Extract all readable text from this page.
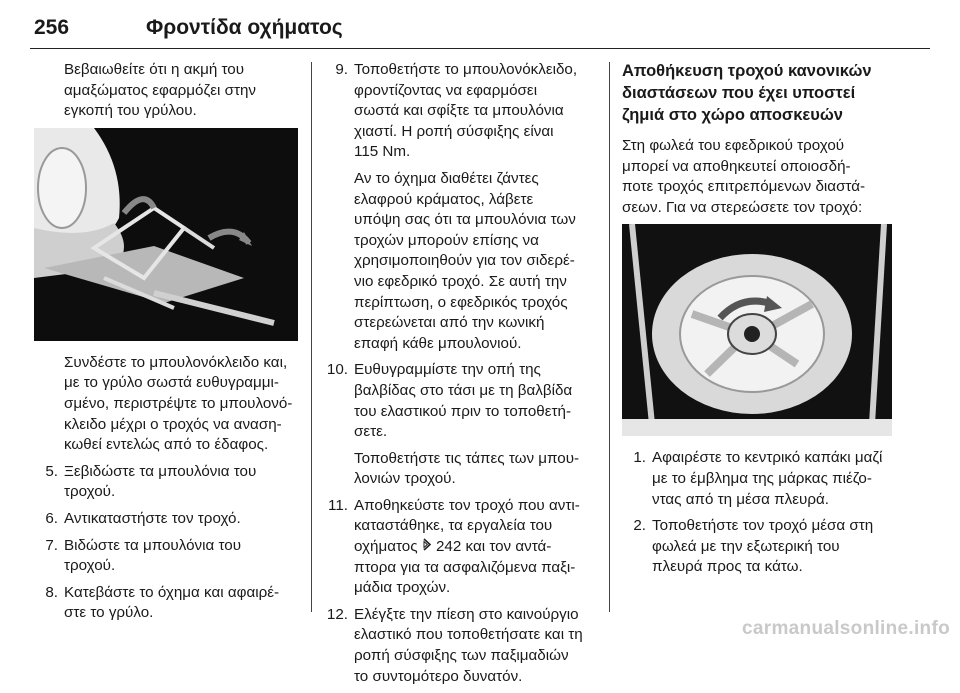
256	Φροντίδα οχήματος
Βεβαιωθείτε ότι η ακμή του
αμαξώματος εφαρμόζει στην
εγκοπή του γρύλου.
Συνδέστε το μπουλονόκλειδο και,
με το γρύλο σωστά ευθυγραμμι-
σμένο, περιστρέψτε το μπουλονό-
κλειδο μέχρι ο τροχός να αναση-
κωθεί εντελώς από το έδαφος.
5. Ξεβιδώστε τα μπουλόνια του
τροχού.
6. Αντικαταστήστε τον τροχό.
7. Βιδώστε τα μπουλόνια του
τροχού.
8. Κατεβάστε το όχημα και αφαιρέ-
στε το γρύλο.
9. Τοποθετήστε το μπουλονόκλειδο,
φροντίζοντας να εφαρμόσει
σωστά και σφίξτε τα μπουλόνια
χιαστί. Η ροπή σύσφιξης είναι
115 Nm.
Αν το όχημα διαθέτει ζάντες
ελαφρού κράματος, λάβετε
υπόψη σας ότι τα μπουλόνια των
τροχών μπορούν επίσης να
χρησιμοποιηθούν για τον σιδερέ-
νιο εφεδρικό τροχό. Σε αυτή την
περίπτωση, ο εφεδρικός τροχός
στερεώνεται από την κωνική
επαφή κάθε μπουλονιού.
10. Ευθυγραμμίστε την οπή της
βαλβίδας στο τάσι με τη βαλβίδα
του ελαστικού πριν το τοποθετή-
σετε.
Τοποθετήστε τις τάπες των μπου-
λονιών τροχού.
11. Αποθηκεύστε τον τροχό που αντι-
καταστάθηκε, τα εργαλεία του
οχήματος  242 και τον αντά-
πτορα για τα ασφαλιζόμενα παξι-
μάδια τροχών.
12. Ελέγξτε την πίεση στο καινούργιο
ελαστικό που τοποθετήσατε και τη
ροπή σύσφιξης των παξιμαδιών
το συντομότερο δυνατόν.
Αποθήκευση τροχού κανονικών
διαστάσεων που έχει υποστεί
ζημιά στο χώρο αποσκευών
Στη φωλεά του εφεδρικού τροχού
μπορεί να αποθηκευτεί οποιοσδή-
ποτε τροχός επιτρεπόμενων διαστά-
σεων. Για να στερεώσετε τον τροχό:
1. Αφαιρέστε το κεντρικό καπάκι μαζί
με το έμβλημα της μάρκας πιέζο-
ντας από τη μέσα πλευρά.
2. Τοποθετήστε τον τροχό μέσα στη
φωλεά με την εξωτερική του
πλευρά προς τα κάτω.
carmanualsonline.info
